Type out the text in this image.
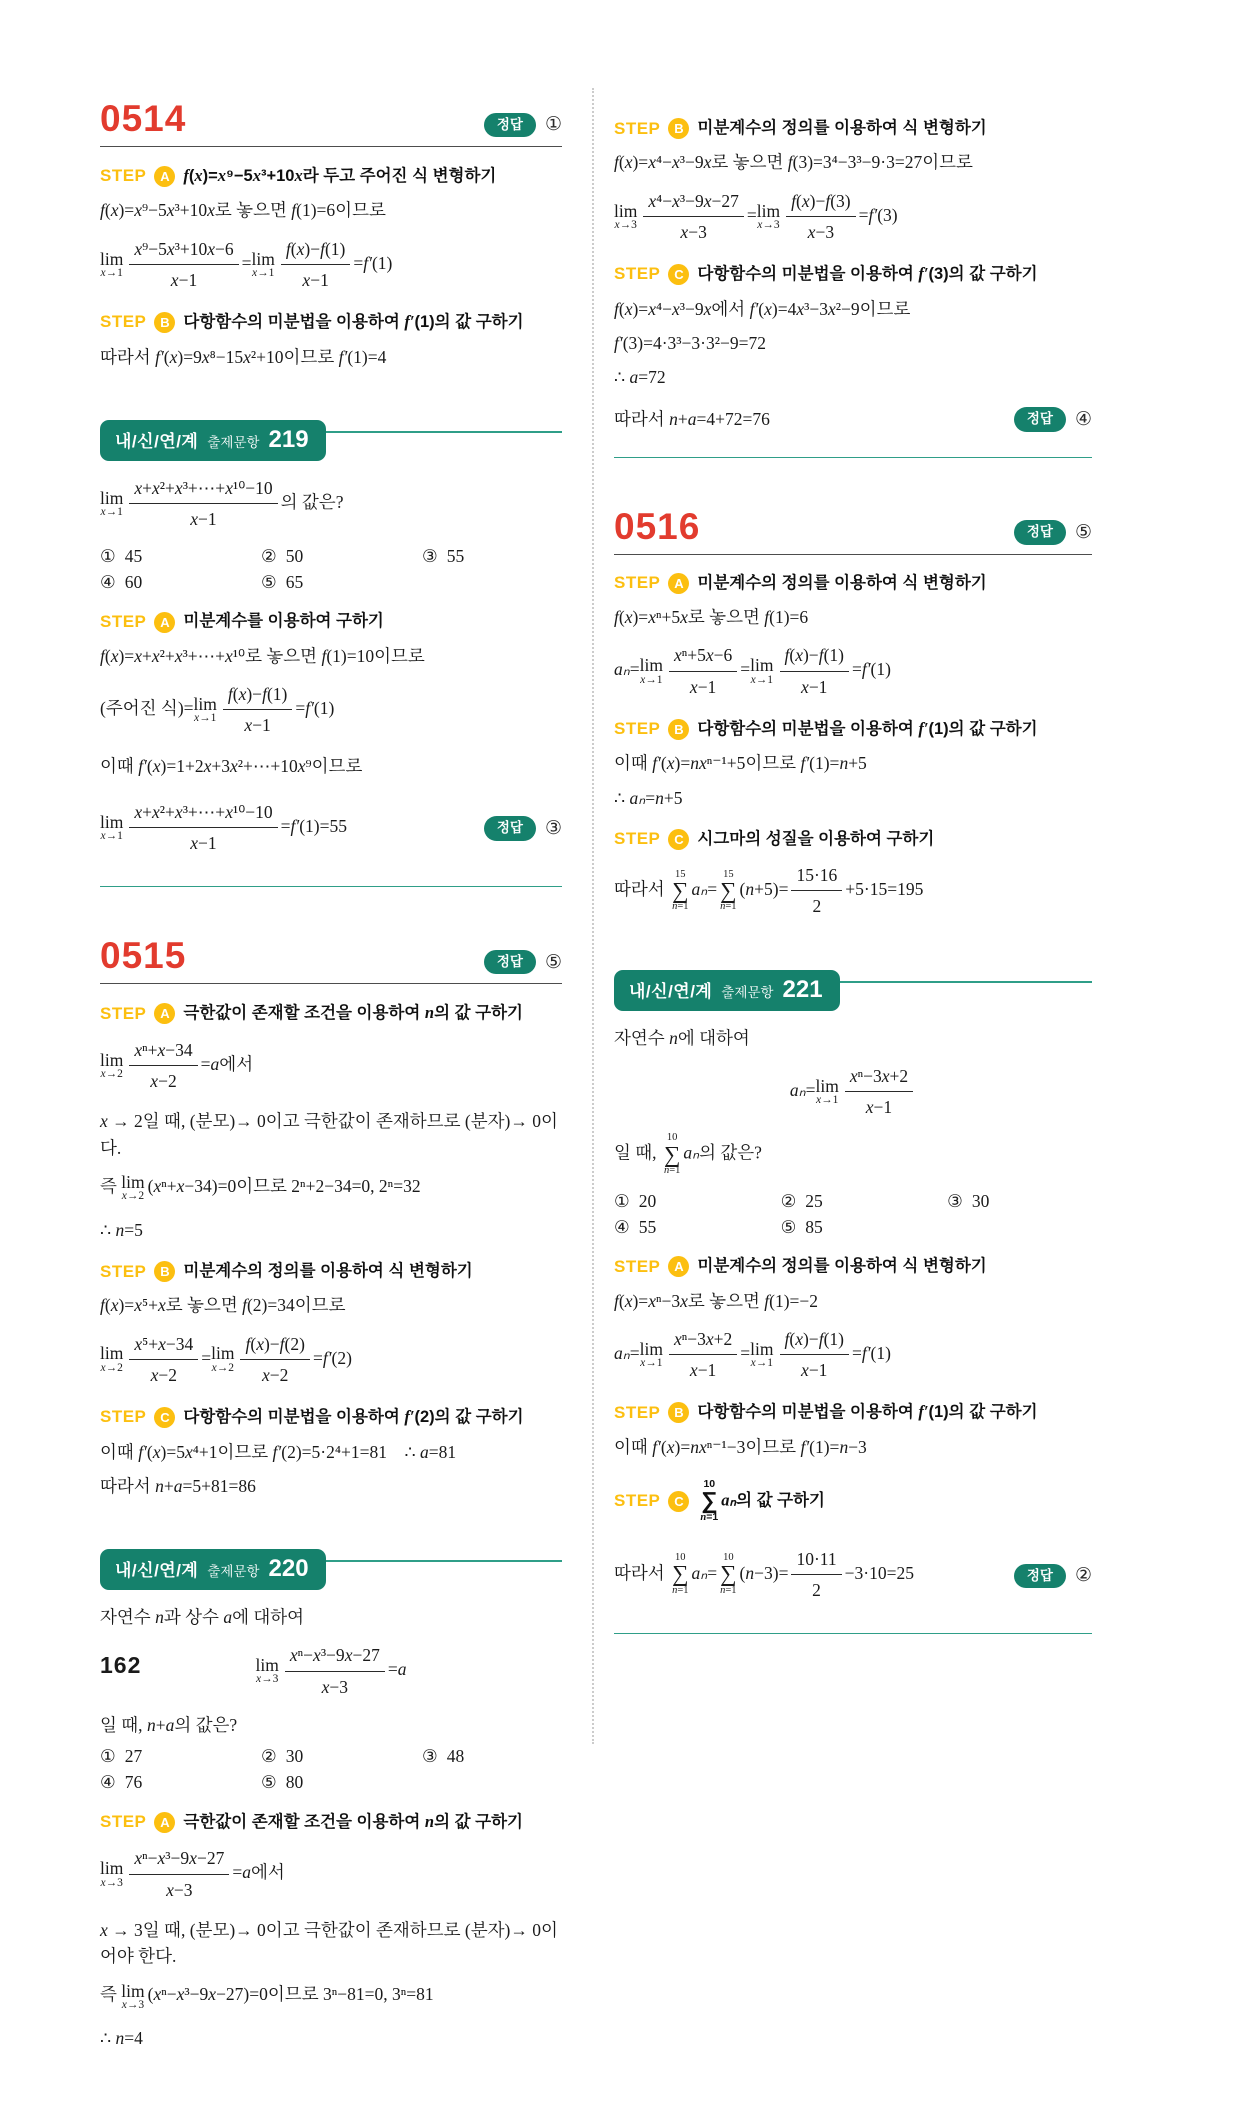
0514	정답	①
STEP	A f(x)=x⁹−5x³+10x라 두고 주어진 식 변형하기
f(x)=x⁹−5x³+10x로 놓으면 f(1)=6이므로
lim
$x\to 1 \frac{\text{x⁹−5x³+10x−6}}{x-1} = \lim$
$x\to 1 \frac{f(x)-f(1)}{x-1} =f'(1)$
STEP	B 다항함수의 미분법을 이용하여 f′(1)의 값 구하기
따라서 f′(x)=9x⁸−15x²+10이므로 f′(1)=4
내/신/연/계 출제문항 219
lim
$x\to 1 \frac{\text{x+x²+x³+⋯+x¹⁰−10}}{x-1}$ 의 값은?
① 45	② 50	③ 55
④ 60	⑤ 65
STEP	A 미분계수를 이용하여 구하기
f(x)=x+x²+x³+⋯+x¹⁰로 놓으면 f(1)=10이므로
(주어진 식)= lim
$x\to 1 \frac{f(x)-f(1)}{x-1} =f'(1)$
이때 f′(x)=1+2x+3x²+⋯+10x⁹이므로
lim
$x\to 1 \frac{\text{x+x²+x³+⋯+x¹⁰−10}}{x-1} =f'(1)=55$	정답	③
0515	정답	⑤
STEP	A 극한값이 존재할 조건을 이용하여 n의 값 구하기
lim
$x\to 2 \frac{\text{xⁿ+x−34}}{x-2} =a$에서
x → 2일 때, (분모)→ 0이고 극한값이 존재하므로 (분자)→ 0이다.
즉 lim
x→2
(xⁿ+x−34)=0이므로 2ⁿ+2−34=0, 2ⁿ=32
∴ n=5
STEP	B 미분계수의 정의를 이용하여 식 변형하기
f(x)=x⁵+x로 놓으면 f(2)=34이므로
lim
$x\to 2 \frac{\text{x⁵+x−34}}{x-2} = \lim$
$x\to 2 \frac{f(x)-f(2)}{x-2} =f'(2)$
STEP	C 다항함수의 미분법을 이용하여 f′(2)의 값 구하기
이때 f′(x)=5x⁴+1이므로 f′(2)=5·2⁴+1=81 ∴ a=81
따라서 n+a=5+81=86
내/신/연/계 출제문항 220
자연수 n과 상수 a에 대하여
lim
$x\to 3 \frac{\text{xⁿ−x³−9x−27}}{x-3} =a$
일 때, n+a의 값은?
① 27	② 30	③ 48
④ 76	⑤ 80
STEP	A 극한값이 존재할 조건을 이용하여 n의 값 구하기
lim
$x\to 3 \frac{\text{xⁿ−x³−9x−27}}{x-3} =a$에서
x → 3일 때, (분모)→ 0이고 극한값이 존재하므로 (분자)→ 0이어야 한다.
즉 lim
x→3
(xⁿ−x³−9x−27)=0이므로 3ⁿ−81=0, 3ⁿ=81
∴ n=4
STEP	B 미분계수의 정의를 이용하여 식 변형하기
f(x)=x⁴−x³−9x로 놓으면 f(3)=3⁴−3³−9·3=27이므로
lim
$x\to 3 \frac{\text{x⁴−x³−9x−27}}{x-3} = \lim$
$x\to 3 \frac{f(x)-f(3)}{x-3} =f'(3)$
STEP	C 다항함수의 미분법을 이용하여 f′(3)의 값 구하기
f(x)=x⁴−x³−9x에서 f′(x)=4x³−3x²−9이므로
f′(3)=4·3³−3·3²−9=72
∴ a=72
따라서 n+a=4+72=76	정답	④
0516	정답	⑤
STEP	A 미분계수의 정의를 이용하여 식 변형하기
f(x)=xⁿ+5x로 놓으면 f(1)=6
aₙ= lim
$x\to 1 \frac{\text{xⁿ+5x−6}}{x-1} = \lim$
$x\to 1 \frac{f(x)-f(1)}{x-1} =f'(1)$
STEP	B 다항함수의 미분법을 이용하여 f′(1)의 값 구하기
이때 f′(x)=nxⁿ⁻¹+5이므로 f′(1)=n+5
∴ aₙ=n+5
STEP	C 시그마의 성질을 이용하여 구하기
따라서
15
∑
n=1
aₙ=
15
∑
n=1
$(n+5)= \frac{15\cdot 16}{2} +5\cdot 15=195$
내/신/연/계 출제문항 221
자연수 n에 대하여
aₙ= lim
$x\to 1 \frac{\text{xⁿ−3x+2}}{x-1}$
일 때,
10
∑
n=1
aₙ의 값은?
① 20	② 25	③ 30
④ 55	⑤ 85
STEP	A 미분계수의 정의를 이용하여 식 변형하기
f(x)=xⁿ−3x로 놓으면 f(1)=−2
aₙ= lim
$x\to 1 \frac{\text{xⁿ−3x+2}}{x-1} = \lim$
$x\to 1 \frac{f(x)-f(1)}{x-1} =f'(1)$
STEP	B 다항함수의 미분법을 이용하여 f′(1)의 값 구하기
이때 f′(x)=nxⁿ⁻¹−3이므로 f′(1)=n−3
STEP	C
10
∑
n=1
aₙ의 값 구하기
따라서
10
∑
n=1
aₙ=
10
∑
n=1
$(n-3)= \frac{10\cdot 11}{2} -3\cdot 10=25$	정답	②
162
